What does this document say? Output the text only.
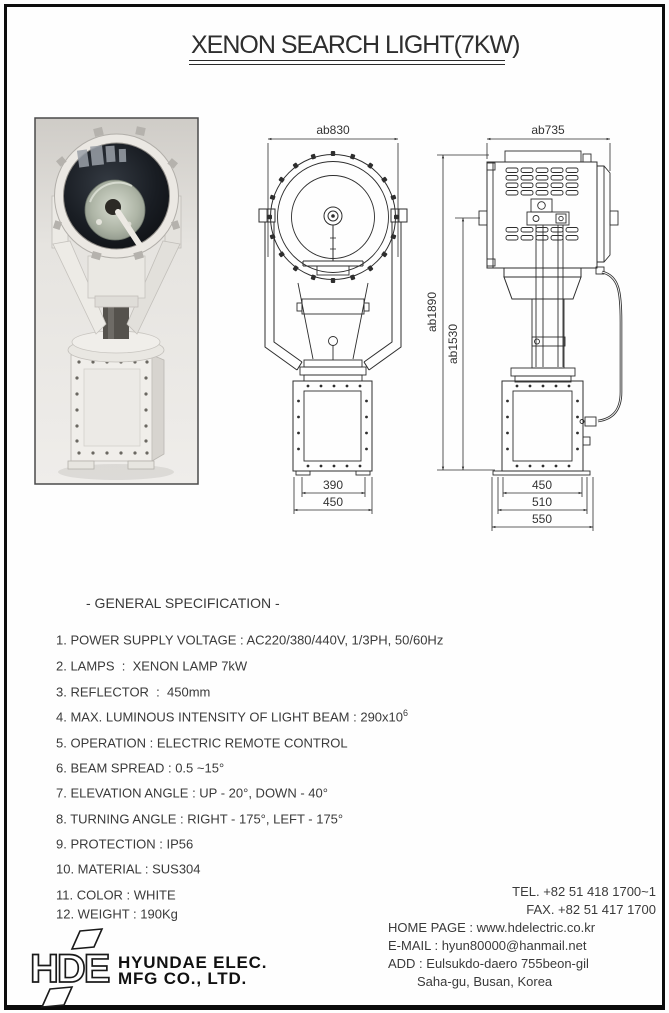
XENON SEARCH LIGHT(7KW)
ab830
390
450
ab735
ab1890
ab1530
450
510
550
- GENERAL SPECIFICATION -
1. POWER SUPPLY VOLTAGE : AC220/380/440V, 1/3PH, 50/60Hz
2. LAMPS  :  XENON LAMP 7kW
3. REFLECTOR  :  450mm
4. MAX. LUMINOUS INTENSITY OF LIGHT BEAM : $290x10^6$
5. OPERATION : ELECTRIC REMOTE CONTROL
6. BEAM SPREAD : 0.5 ~15°
7. ELEVATION ANGLE : UP - 20°, DOWN - 40°
8. TURNING ANGLE : RIGHT - 175°, LEFT - 175°
9. PROTECTION : IP56
10. MATERIAL : SUS304
11. COLOR : WHITE
12. WEIGHT : 190Kg
TEL. +82 51 418 1700~1
FAX. +82 51 417 1700
HOME PAGE : www.hdelectric.co.kr
E-MAIL : hyun80000@hanmail.net
ADD : Eulsukdo-daero 755beon-gil
Saha-gu, Busan, Korea
HDE HYUNDAE ELEC.
MFG CO., LTD.
